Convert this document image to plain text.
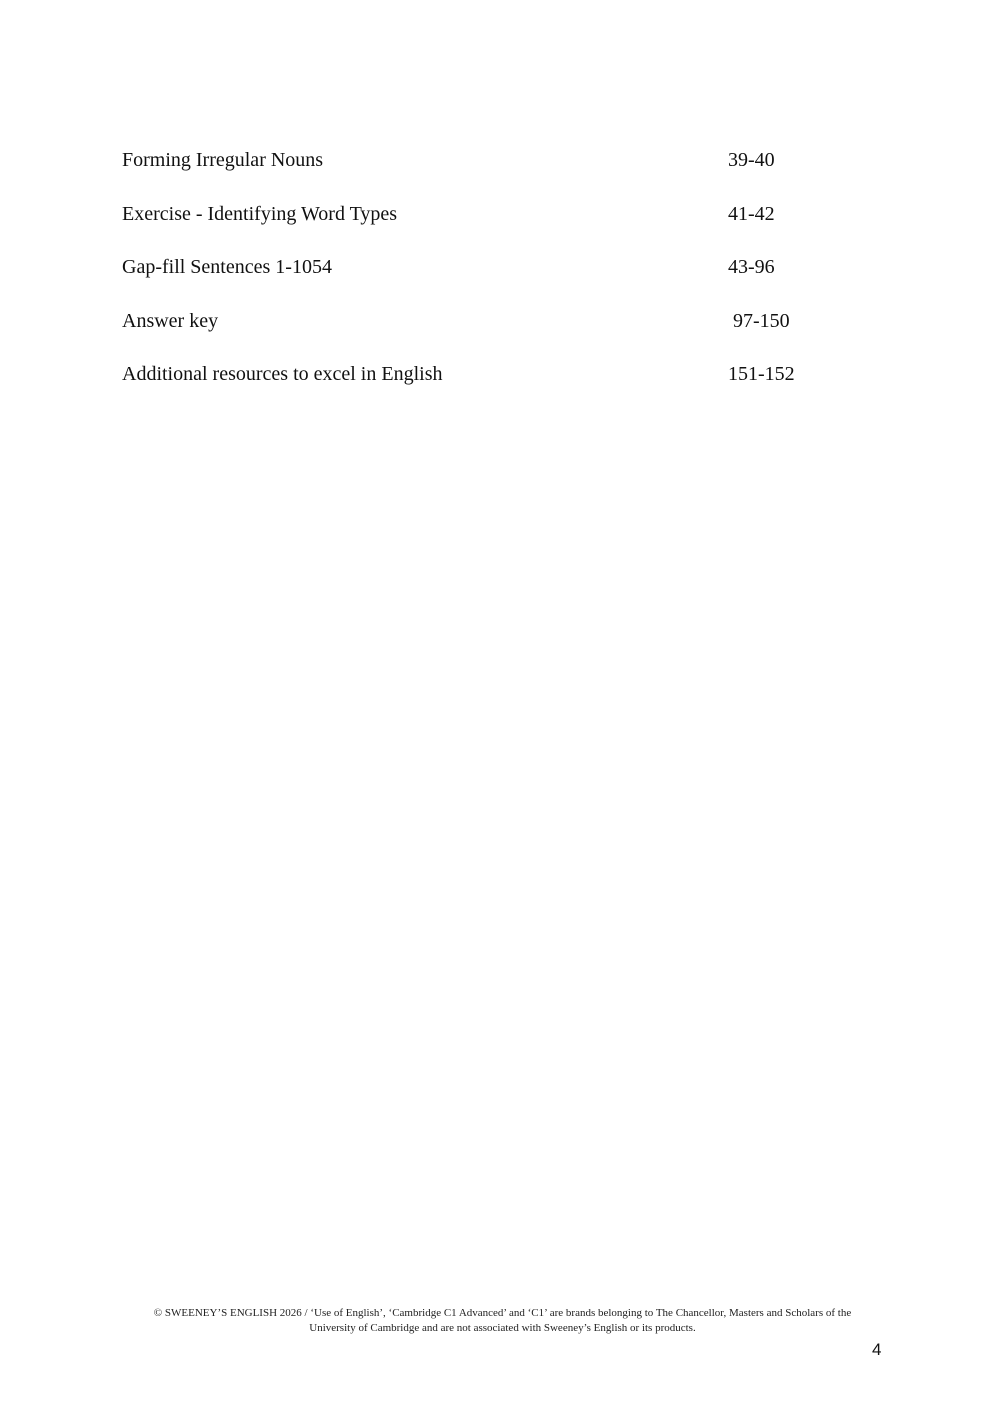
Forming Irregular Nouns	39-40
Exercise - Identifying Word Types	41-42
Gap-fill Sentences 1-1054	43-96
Answer key	97-150
Additional resources to excel in English	151-152
© SWEENEY’S ENGLISH 2026 / ‘Use of English’, ‘Cambridge C1 Advanced’ and ‘C1’ are brands belonging to The Chancellor, Masters and Scholars of the
University of Cambridge and are not associated with Sweeney’s English or its products.
4
